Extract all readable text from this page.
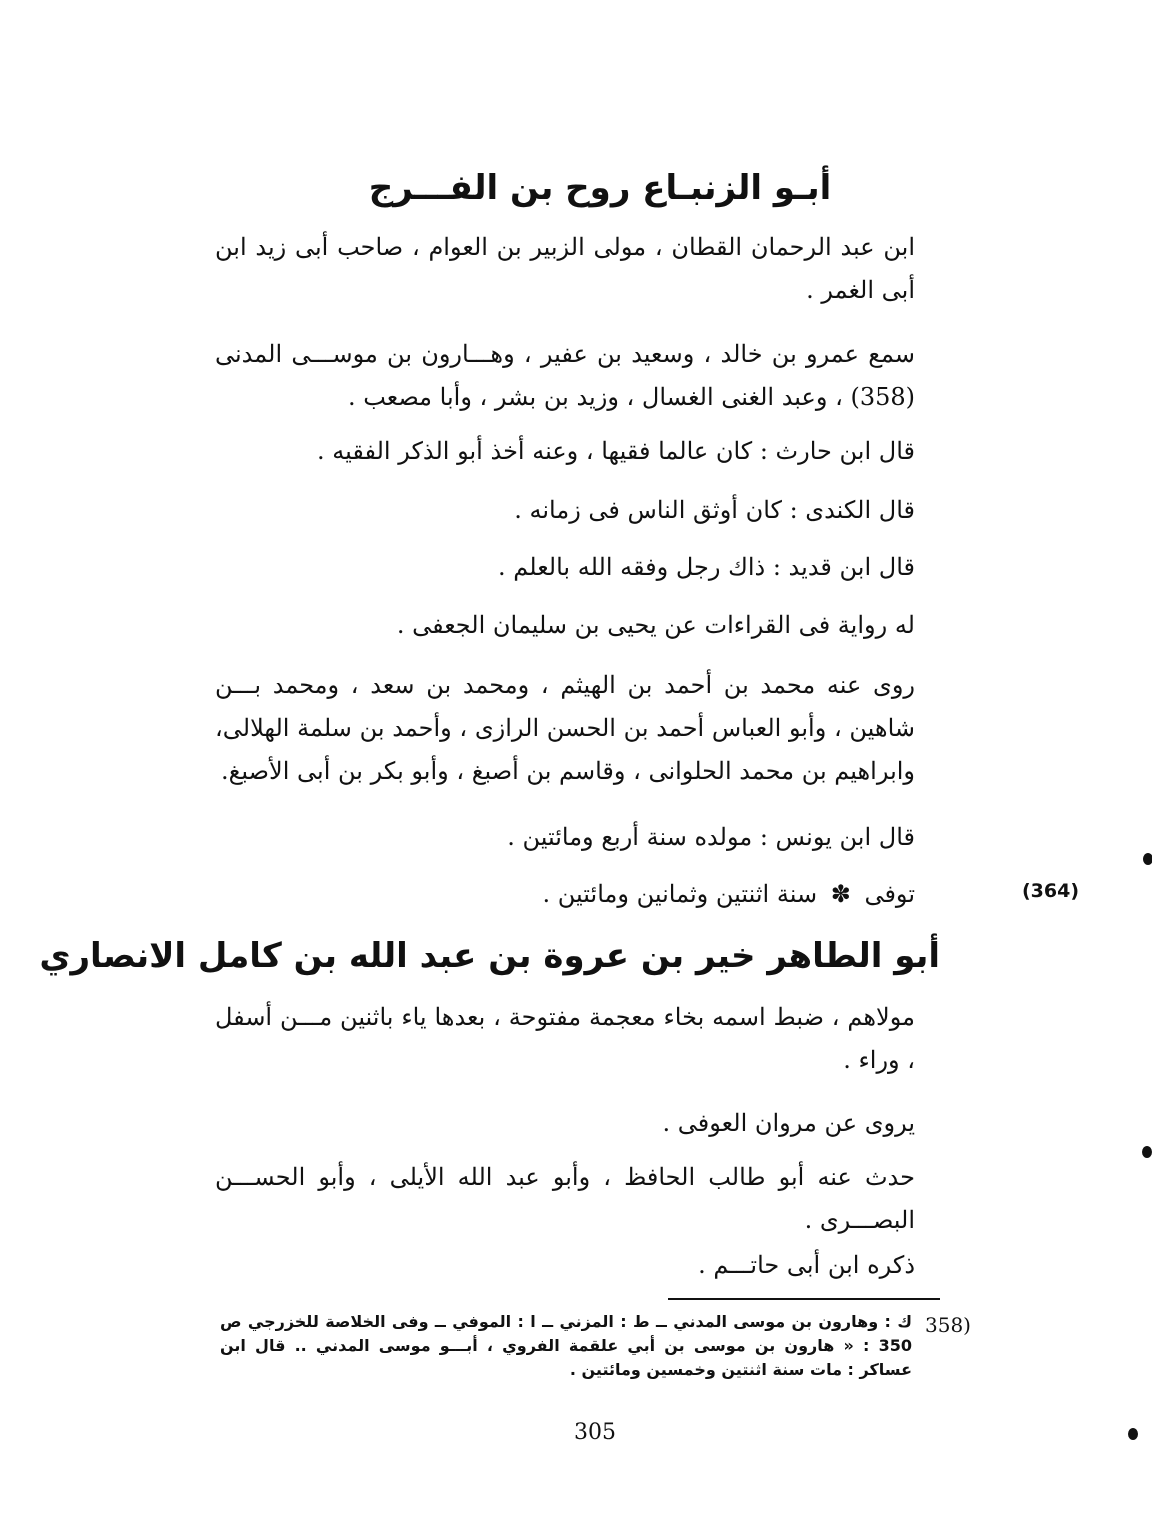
أبـو الزنبـاع روح بن الفـــرج

ابن عبد الرحمان القطان ، مولى الزبير بن العوام ، صاحب أبى زيد ابن أبى الغمر .

سمع عمرو بن خالد ، وسعيد بن عفير ، وهـــارون بن موســـى المدنى (358) ، وعبد الغنى الغسال ، وزيد بن بشر ، وأبا مصعب .

قال ابن حارث : كان عالما فقيها ، وعنه أخذ أبو الذكر الفقيه .
قال الكندى : كان أوثق الناس فى زمانه .
قال ابن قديد : ذاك رجل وفقه الله بالعلم .
له رواية فى القراءات عن يحيى بن سليمان الجعفى .

روى عنه محمد بن أحمد بن الهيثم ، ومحمد بن سعد ، ومحمد بـــن شاهين ، وأبو العباس أحمد بن الحسن الرازى ، وأحمد بن سلمة الهلالى، وابراهيم بن محمد الحلوانى ، وقاسم بن أصبغ ، وأبو بكر بن أبى الأصبغ.

قال ابن يونس : مولده سنة أربع ومائتين .
توفى ✽ سنة اثنتين وثمانين ومائتين .	(364)
أبو الطاهر خير بن عروة بن عبد الله بن كامل الانصاري

مولاهم ، ضبط اسمه بخاء معجمة مفتوحة ، بعدها ياء باثنين مـــن أسفل ، وراء .

يروى عن مروان العوفى .

حدث عنه أبو طالب الحافظ ، وأبو عبد الله الأيلى ، وأبو الحســـن البصـــرى .

ذكره ابن أبى حاتـــم .
358)
ك : وهارون بن موسى المدني ــ ط : المزني ــ ا : الموفي ــ وفى الخلاصة للخزرجي ص 350 : « هارون بن موسى بن أبي علقمة الفروي ، أبـــو موسى المدني .. قال ابن عساكر : مات سنة اثنتين وخمسين ومائتين .
305
